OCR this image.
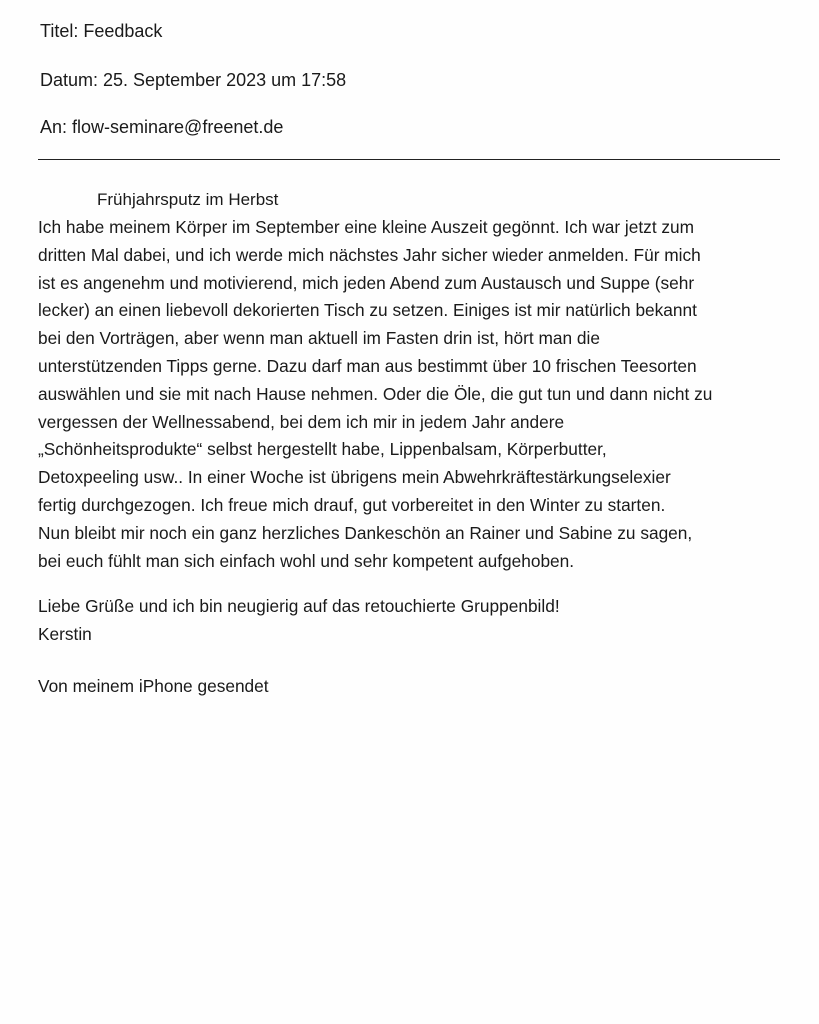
Titel: Feedback
Datum: 25. September 2023 um 17:58
An: flow-seminare@freenet.de
Frühjahrsputz im Herbst
Ich habe meinem Körper im September eine kleine Auszeit gegönnt. Ich war jetzt zum
dritten Mal dabei, und ich werde mich nächstes Jahr sicher wieder anmelden. Für mich
ist es angenehm und motivierend, mich jeden Abend zum Austausch und Suppe (sehr
lecker) an einen liebevoll dekorierten Tisch zu setzen. Einiges ist mir natürlich bekannt
bei den Vorträgen, aber wenn man aktuell im Fasten drin ist, hört man die
unterstützenden Tipps gerne. Dazu darf man aus bestimmt über 10 frischen Teesorten
auswählen und sie mit nach Hause nehmen. Oder die Öle, die gut tun und dann nicht zu
vergessen der Wellnessabend, bei dem ich mir in jedem Jahr andere
„Schönheitsprodukte“ selbst hergestellt habe, Lippenbalsam, Körperbutter,
Detoxpeeling usw.. In einer Woche ist übrigens mein Abwehrkräftestärkungselexier
fertig durchgezogen. Ich freue mich drauf, gut vorbereitet in den Winter zu starten.
Nun bleibt mir noch ein ganz herzliches Dankeschön an Rainer und Sabine zu sagen,
bei euch fühlt man sich einfach wohl und sehr kompetent aufgehoben.
Liebe Grüße und ich bin neugierig auf das retouchierte Gruppenbild!
Kerstin
Von meinem iPhone gesendet
